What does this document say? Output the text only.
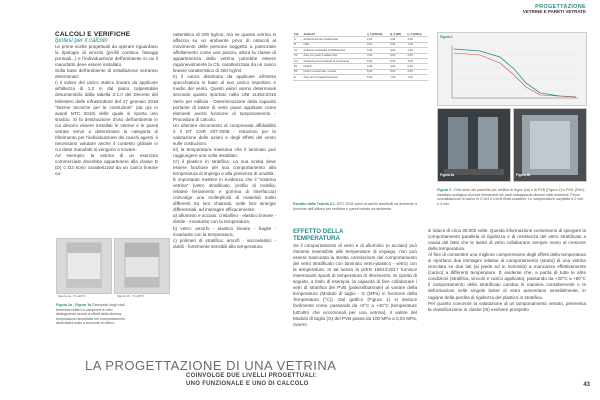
PROGETTAZIONE
VETRINE E PARETI VETRATE
CALCOLI E VERIFICHE
Ipotesi per il calcolo

Le prime scelte progettuali da operare riguardano la tipologia di vincolo (profili continui, fissaggi puntuali...) e l'individuazione dell'ambiente in cui il manufatto deve essere installato.

Sulla base dell'ambiente di installazione verranno determinati:

I) il valore del carico statico lineare da applicare all'altezza di 1,2 m dal piano calpestabile desumendolo dalla tabella 3.1.II del Decreto del Ministero delle Infrastrutture del 17 gennaio 2018 "Norme tecniche per le costruzioni" (da qui in avanti NTC 2018) delle quale si riporta uno stralcio. Si fa destinazione d'uso dell'ambiente in cui devono essere installati le vetrine e le pareti vetrate serve a determinare la categoria di riferimento per l'individuazione dei carichi agenti. è necessario valutare anche il contesto globale in cui dette manufatti si vengono a trovare.

Ad esempio: la vetrina di un esercizio commerciale dovrebbe appartenere alla classe D (D) o D2 sono caratterizzati da un carico lineare ca-

Figura 1a - T=+20°C	Figura 1b - T=+65°C
Figura 1a - Figura 1b Esemplari degli stati tensoriali relativi a campione a rotto distinguendo anche a effetti della diversa temperatura riscontrata nel comportamento della lastra sotto a tensione di carico.

ratteristico di 200 kg/m2, ma se questa vetrina si affaccia su un ambiente privo di ostacoli al movimento delle persone soggetto a potenziale affollamento come una piazza, allora la classe di appartenenza della vetrina potrebbe essere ragionevolmente la C5, caratterizzata da un carico lineare caratteristico di 300 Kg/ml.

II) il carico distribuito da applicare all'intera specchiatura in base al suo carico impulsivo e medio del vento. Questi valori vanno determinati secondo quanto riportato nella UNI 11463:2016 Vetro per edilizia - Determinazione della capacità portante di lastre di vetro piano applicate come elementi aventi funzione di tamponamento - Procedura di calcolo.

Un ulteriore documento di comprovata affidabilità è il DT CNR 207:2008 - Istruzioni per la valutazione delle azioni e degli effetti del vento sulle costruzioni.

III) la temperatura massima che il laminato può raggiungere una volta installato.

IV) il plastico in stratifica. La sua scelta deve essere funzione del suo comportamento alla temperatura di impiego e alla presenza di umidità.

È importante mettere in evidenza che il "sistema vetrina" (vetro stratificato, profilo di mobilia, relative ferramento e gomma di interfaccia) coinvolge una molteplicità di materiali molto differenti tra loro chiamati, nelle loro sinergie differenziali, ad interagire efficacemente:

a) alluminio e acciaio: cristallino - elastico lineare - duttile - invariante con la temperatura;

b) vetro: amorfo - elastico lineare - fragile - invariante con la temperatura;

c) polimeri di stratifica: amorfi - viscoelastici - duttili - fortemente sensibili alla temperatura.

Cat.	Ambienti	q_k [kN/m2]	Q_k [kN]	H_k [kN/m]
A	Ambienti ad uso residenziale	2,00	2,00	1,00
B	Uffici	3,00	2,00	1,00
C1	Ambienti suscettibili di affollamento	3,00	3,00	1,00
C2	Aree con posti a sedere fissi	4,00	4,00	2,00
C3	Ambienti privi di ostacoli al movimento	5,00	5,00	3,00
D1	Negozi	4,00	4,00	2,00
D2	Centri commerciali, mercati	5,00	5,00	2,00
E	Aree per immagazzinamento	6,00	7,00	1,00
Estratto dalla Tabella 3.1. NTC 2018 valori di carichi distribuiti da ambiente a funzione dell'utilizzo per verifiche e pareti vetrate da ambiente.
Figura 2
Figura 2a	Figura 2b
Figura 2 - Pelo serie del pannello per verifica di legno (2a) e di PVB (Figura 2) e PVB. (Pelo) installare scaligera di prove immanenti dei parti salvaguarda diverse stati rimanenti. Prove convalidazione di carico in C fort 4 s terzi finali-carattere. Le campionature carpitiate a 2 mm e 3 mm.
EFFETTO DELLA
TEMPERATURA

Se il comportamento di vetro e di alluminio (e acciaio) può ritenersi insensibile alle temperature di impiego, non può essere trascurata la stretta correlazione del comportamento del vetro stratificato con laminato vetro-plastico - vetro) con la temperatura. In tal senso la prEN 16613:2017 fornisce interessanti spunti di temperatura di riferimento. Si riporta di seguito, a titolo di esempio, la capacità di fare collaborare i vetri di stratifica del PVB (polivinilbutirrale) al variare della temperatura (Modulo di taglio - G (MPa) in funzione della Temperatura (°C)). Dal grafico (Figura 1) si deduce facilmente come, passando da +0°C a +40°C (temperature tutt'altro che eccezionali per una vetrina), il valore del Modulo di taglio (G) del PVB passa da 100 MPa a 0,03 MPa, ovvero

si riduce di circa 30.000 volte. Questa informazione consentono di spiegare la comportamento parallela di rigidezza e di resistenza del vetro stratificato a causa del fatto che le lastre di vetro collaborano sempre meno al crescere della temperatura.

Al fine di consentire una migliore comprensione degli effetti della temperatura si riportano due immagini relative al comportamento (strato) di una vetrina vincolata su due lati (ai piede ed in sommità) a mancanza effettivamente (carico) a differenti temperature. È evidente che, a parità di tutte le altre condizioni (stratifica, vincolo e carico applicato), passando da +20°C a +60°C il comportamento della stratificato cambia in maniera considerevole e le deformazioni nelle singole lastre di vetro aumentano sensibilmente, in ragione della perdita di rigidezza del plastico in stratifica.

Per quanto concerne la valutazione di un tamponamento vetrato, premessa la classificazione in classe (III) evolvere prospetto

LA PROGETTAZIONE DI UNA VETRINA
COINVOLGE DUE LIVELLI PROGETTUALI:
UNO FUNZIONALE E UNO DI CALCOLO	43
